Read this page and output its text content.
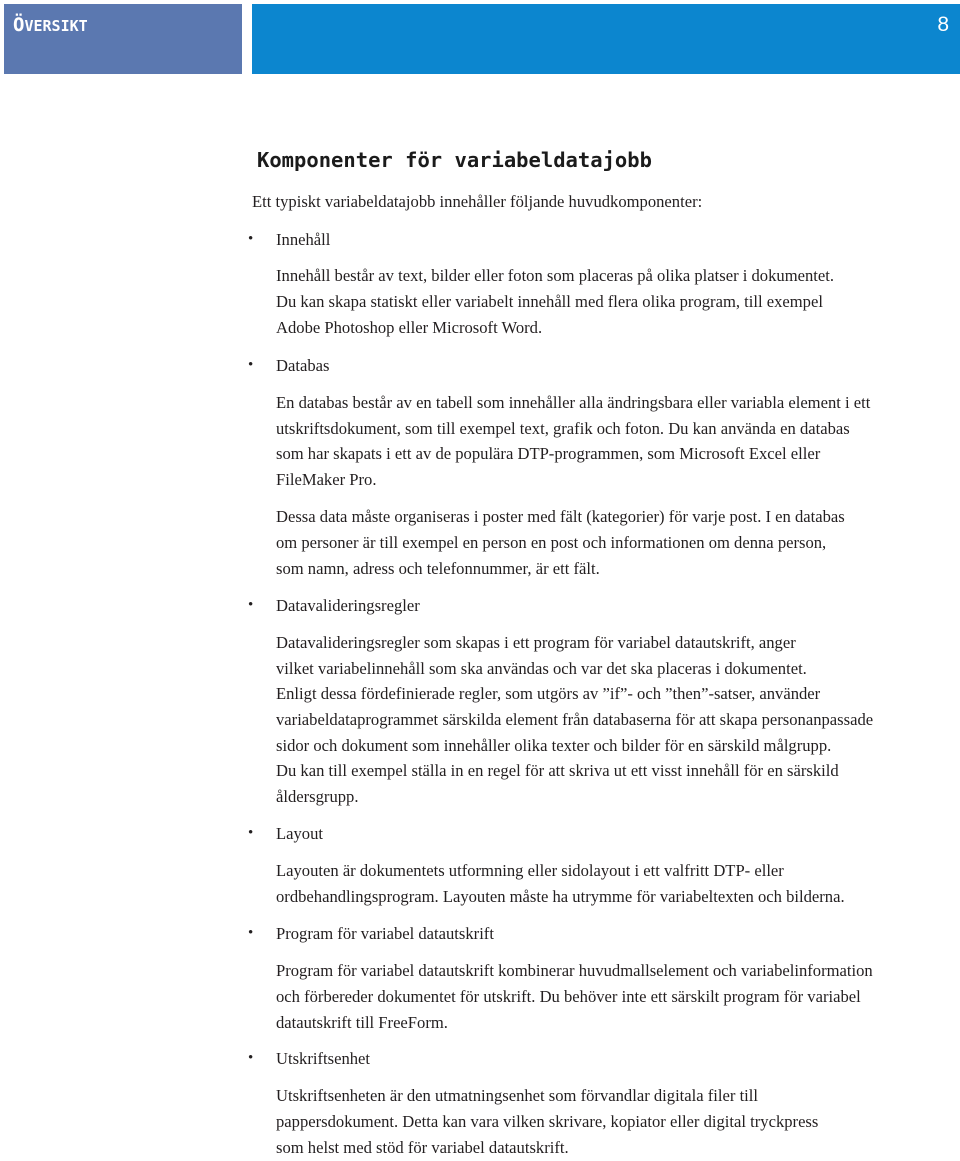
ÖVERSIKT	8
Komponenter för variabeldatajobb

Ett typiskt variabeldatajobb innehåller följande huvudkomponenter:

• Innehåll

Innehåll består av text, bilder eller foton som placeras på olika platser i dokumentet.

Du kan skapa statiskt eller variabelt innehåll med flera olika program, till exempel

Adobe Photoshop eller Microsoft Word.

• Databas

En databas består av en tabell som innehåller alla ändringsbara eller variabla element i ett

utskriftsdokument, som till exempel text, grafik och foton. Du kan använda en databas

som har skapats i ett av de populära DTP-programmen, som Microsoft Excel eller

FileMaker Pro.

Dessa data måste organiseras i poster med fält (kategorier) för varje post. I en databas

om personer är till exempel en person en post och informationen om denna person,

som namn, adress och telefonnummer, är ett fält.

• Datavalideringsregler

Datavalideringsregler som skapas i ett program för variabel datautskrift, anger

vilket variabelinnehåll som ska användas och var det ska placeras i dokumentet.

Enligt dessa fördefinierade regler, som utgörs av ”if”- och ”then”-satser, använder

variabeldataprogrammet särskilda element från databaserna för att skapa personanpassade

sidor och dokument som innehåller olika texter och bilder för en särskild målgrupp.

Du kan till exempel ställa in en regel för att skriva ut ett visst innehåll för en särskild

åldersgrupp.

• Layout

Layouten är dokumentets utformning eller sidolayout i ett valfritt DTP- eller

ordbehandlingsprogram. Layouten måste ha utrymme för variabeltexten och bilderna.

• Program för variabel datautskrift

Program för variabel datautskrift kombinerar huvudmallselement och variabelinformation

och förbereder dokumentet för utskrift. Du behöver inte ett särskilt program för variabel

datautskrift till FreeForm.

• Utskriftsenhet

Utskriftsenheten är den utmatningsenhet som förvandlar digitala filer till

pappersdokument. Detta kan vara vilken skrivare, kopiator eller digital tryckpress

som helst med stöd för variabel datautskrift.
